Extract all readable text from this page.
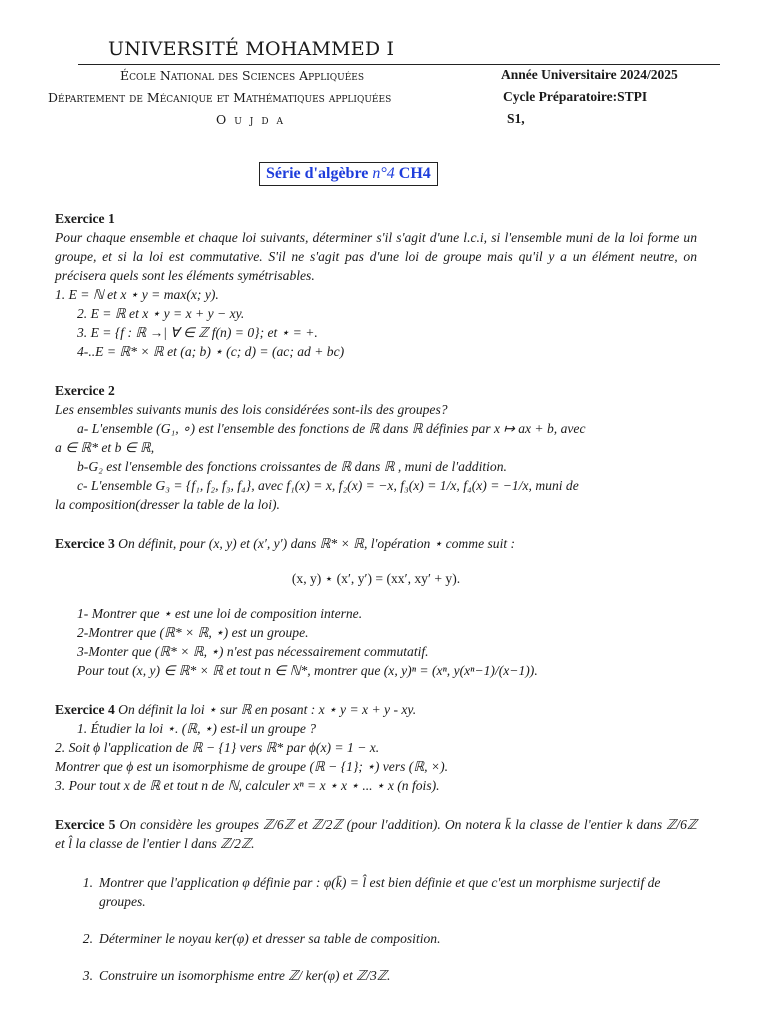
UNIVERSITÉ MOHAMMED I
École National des Sciences Appliquées
Département de Mécanique et Mathématiques appliquées
O u j d a
Année Universitaire 2024/2025
Cycle Préparatoire:STPI
S1,
Série d'algèbre n°4 CH4

Exercice 1

Pour chaque ensemble et chaque loi suivants, déterminer s'il s'agit d'une l.c.i, si l'ensemble muni de la loi forme un groupe, et si la loi est commutative. S'il ne s'agit pas d'une loi de groupe mais qu'il y a un élément neutre, on précisera quels sont les éléments symétrisables.

1. E = ℕ et x ⋆ y = max(x; y).

2. E = ℝ et x ⋆ y = x + y − xy.

3. E = {f : ℝ →| ∀ ∈ ℤ f(n) = 0}; et ⋆ = +.

4-..E = ℝ* × ℝ et (a; b) ⋆ (c; d) = (ac; ad + bc)

Exercice 2

Les ensembles suivants munis des lois considérées sont-ils des groupes?

a- L'ensemble (G₁, ∘) est l'ensemble des fonctions de ℝ dans ℝ définies par x ↦ ax + b, avec

a ∈ ℝ* et b ∈ ℝ,

b-G₂ est l'ensemble des fonctions croissantes de ℝ dans ℝ , muni de l'addition.

c- L'ensemble G₃ = {f₁, f₂, f₃, f₄}, avec f₁(x) = x, f₂(x) = −x, f₃(x) = 1/x, f₄(x) = −1/x, muni de

la composition(dresser la table de la loi).

Exercice 3 On définit, pour (x, y) et (x′, y′) dans ℝ* × ℝ, l'opération ⋆ comme suit :

(x, y) ⋆ (x′, y′) = (xx′, xy′ + y).

1- Montrer que ⋆ est une loi de composition interne.

2-Montrer que (ℝ* × ℝ, ⋆) est un groupe.

3-Monter que (ℝ* × ℝ, ⋆) n'est pas nécessairement commutatif.

Pour tout (x, y) ∈ ℝ* × ℝ et tout n ∈ ℕ*, montrer que (x, y)ⁿ = (xⁿ, y(xⁿ−1)/(x−1)).

Exercice 4 On définit la loi ⋆ sur ℝ en posant : x ⋆ y = x + y - xy.

1. Étudier la loi ⋆. (ℝ, ⋆) est-il un groupe ?

2. Soit ϕ l'application de ℝ − {1} vers ℝ* par ϕ(x) = 1 − x.

Montrer que ϕ est un isomorphisme de groupe (ℝ − {1}; ⋆) vers (ℝ, ×).

3. Pour tout x de ℝ et tout n de ℕ, calculer xⁿ = x ⋆ x ⋆ ... ⋆ x (n fois).

Exercice 5 On considère les groupes ℤ/6ℤ et ℤ/2ℤ (pour l'addition). On notera k̄ la classe de l'entier k dans ℤ/6ℤ et l̂ la classe de l'entier l dans ℤ/2ℤ.

1. Montrer que l'application φ définie par : φ(k̄) = l̂ est bien définie et que c'est un morphisme surjectif de groupes.
2. Déterminer le noyau ker(φ) et dresser sa table de composition.
3. Construire un isomorphisme entre ℤ/ ker(φ) et ℤ/3ℤ.
